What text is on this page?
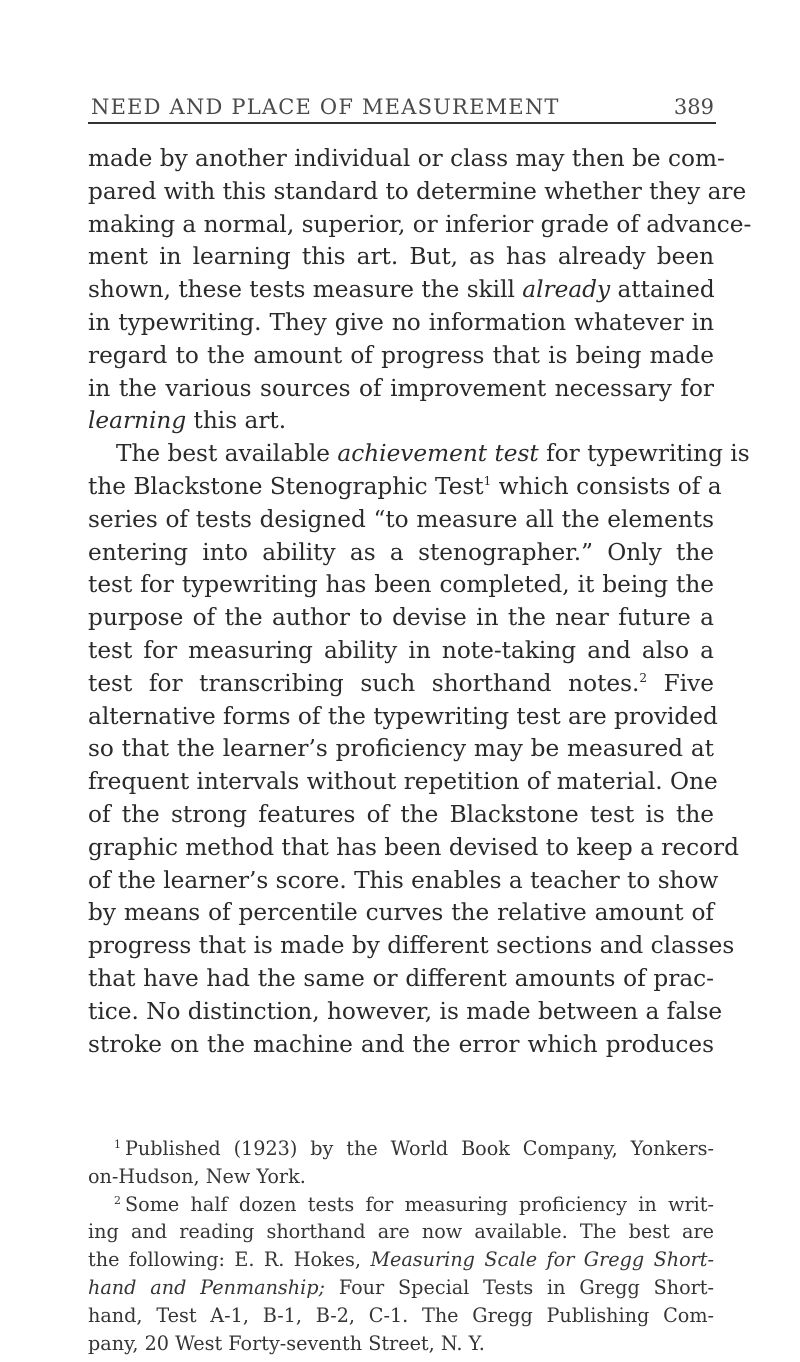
NEED AND PLACE OF MEASUREMENT	389
made by another individual or class may then be com-
pared with this standard to determine whether they are
making a normal, superior, or inferior grade of advance-
ment in learning this art. But, as has already been
shown, these tests measure the skill already attained
in typewriting. They give no information whatever in
regard to the amount of progress that is being made
in the various sources of improvement necessary for
learning this art.
The best available achievement test for typewriting is
the Blackstone Stenographic Test$^1$ which consists of a
series of tests designed “to measure all the elements
entering into ability as a stenographer.” Only the
test for typewriting has been completed, it being the
purpose of the author to devise in the near future a
test for measuring ability in note-taking and also a
test for transcribing such shorthand notes.$^2$ Five
alternative forms of the typewriting test are provided
so that the learner’s proficiency may be measured at
frequent intervals without repetition of material. One
of the strong features of the Blackstone test is the
graphic method that has been devised to keep a record
of the learner’s score. This enables a teacher to show
by means of percentile curves the relative amount of
progress that is made by different sections and classes
that have had the same or different amounts of prac-
tice. No distinction, however, is made between a false
stroke on the machine and the error which produces
$^1$ Published (1923) by the World Book Company, Yonkers-
on-Hudson, New York.
$^2$ Some half dozen tests for measuring proficiency in writ-
ing and reading shorthand are now available. The best are
the following: E. R. Hokes, Measuring Scale for Gregg Short-
hand and Penmanship; Four Special Tests in Gregg Short-
hand, Test A-1, B-1, B-2, C-1. The Gregg Publishing Com-
pany, 20 West Forty-seventh Street, N. Y.
